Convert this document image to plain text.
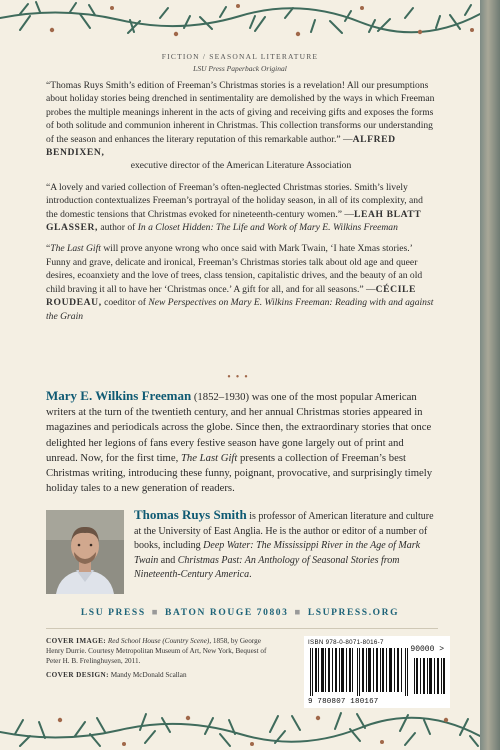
FICTION / SEASONAL LITERATURE
LSU Press Paperback Original

“Thomas Ruys Smith’s edition of Freeman’s Christmas stories is a revelation! All our presumptions about holiday stories being drenched in sentimentality are demolished by the ways in which Freeman probes the multiple meanings inherent in the acts of giving and receiving gifts and exposes the forms of both solitude and communion inherent in Christmas. This collection transforms our understanding of the season and enhances the literary reputation of this remarkable author.” —ALFRED BENDIXEN,
executive director of the American Literature Association

“A lovely and varied collection of Freeman’s often-neglected Christmas stories. Smith’s lively introduction contextualizes Freeman’s portrayal of the holiday season, in all of its complexity, and the domestic tensions that Christmas evoked for nineteenth-century women.” —LEAH BLATT GLASSER, author of In a Closet Hidden: The Life and Work of Mary E. Wilkins Freeman

“The Last Gift will prove anyone wrong who once said with Mark Twain, ‘I hate Xmas stories.’ Funny and grave, delicate and ironical, Freeman’s Christmas stories talk about old age and queer desires, ecoanxiety and the love of trees, class tension, capitalistic drives, and the beauty of an old child braving it all to have her ‘Christmas once.’ A gift for all, and for all seasons.” —CÉCILE ROUDEAU, coeditor of New Perspectives on Mary E. Wilkins Freeman: Reading with and against the Grain

•••
Mary E. Wilkins Freeman (1852–1930) was one of the most popular American writers at the turn of the twentieth century, and her annual Christmas stories appeared in magazines and periodicals across the globe. Since then, the extraordinary stories that once delighted her legions of fans every festive season have gone largely out of print and unread. Now, for the first time, The Last Gift presents a collection of Freeman’s best Christmas writing, introducing these funny, poignant, provocative, and surprisingly timely holiday tales to a new generation of readers.
Thomas Ruys Smith is professor of American literature and culture at the University of East Anglia. He is the author or editor of a number of books, including Deep Water: The Mississippi River in the Age of Mark Twain and Christmas Past: An Anthology of Seasonal Stories from Nineteenth-Century America.
LSU PRESS ■ BATON ROUGE 70803 ■ LSUPRESS.ORG

COVER IMAGE: Red School House (Country Scene), 1858, by George Henry Durrie. Courtesy Metropolitan Museum of Art, New York, Bequest of Peter H. B. Frelinghuysen, 2011.

COVER DESIGN: Mandy McDonald Scallan

ISBN 978-0-8071-8016-7
90000 >
9 780807 180167
